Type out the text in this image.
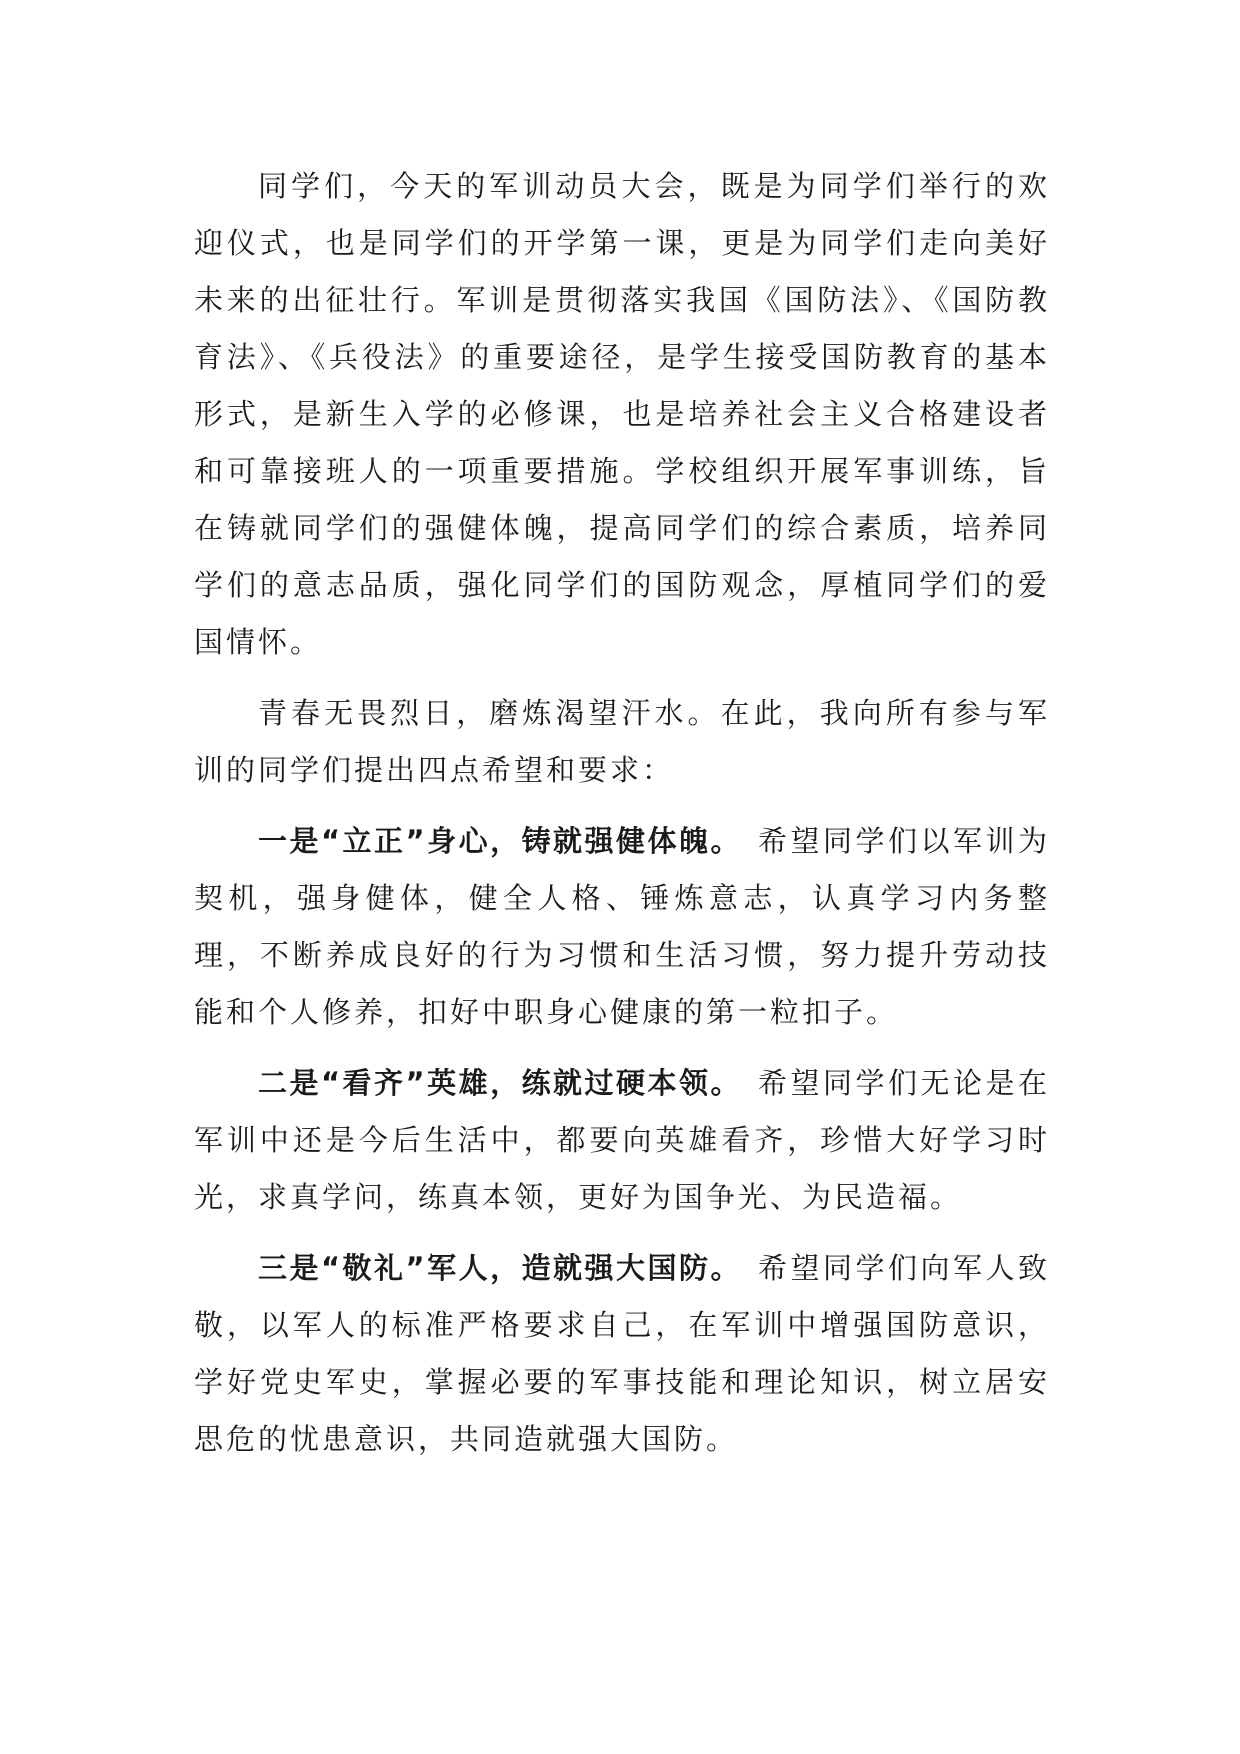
同学们，今天的军训动员大会，既是为同学们举行的欢迎仪式，也是同学们的开学第一课，更是为同学们走向美好未来的出征壮行。军训是贯彻落实我国《国防法》、《国防教育法》、《兵役法》的重要途径，是学生接受国防教育的基本形式，是新生入学的必修课，也是培养社会主义合格建设者和可靠接班人的一项重要措施。学校组织开展军事训练，旨在铸就同学们的强健体魄，提高同学们的综合素质，培养同学们的意志品质，强化同学们的国防观念，厚植同学们的爱国情怀。

青春无畏烈日，磨炼渴望汗水。在此，我向所有参与军训的同学们提出四点希望和要求：

一是“立正”身心，铸就强健体魄。 希望同学们以军训为契机，强身健体，健全人格、锤炼意志，认真学习内务整理，不断养成良好的行为习惯和生活习惯，努力提升劳动技能和个人修养，扣好中职身心健康的第一粒扣子。

二是“看齐”英雄，练就过硬本领。 希望同学们无论是在军训中还是今后生活中，都要向英雄看齐，珍惜大好学习时光，求真学问，练真本领，更好为国争光、为民造福。

三是“敬礼”军人，造就强大国防。 希望同学们向军人致敬，以军人的标准严格要求自己，在军训中增强国防意识，学好党史军史，掌握必要的军事技能和理论知识，树立居安思危的忧患意识，共同造就强大国防。
